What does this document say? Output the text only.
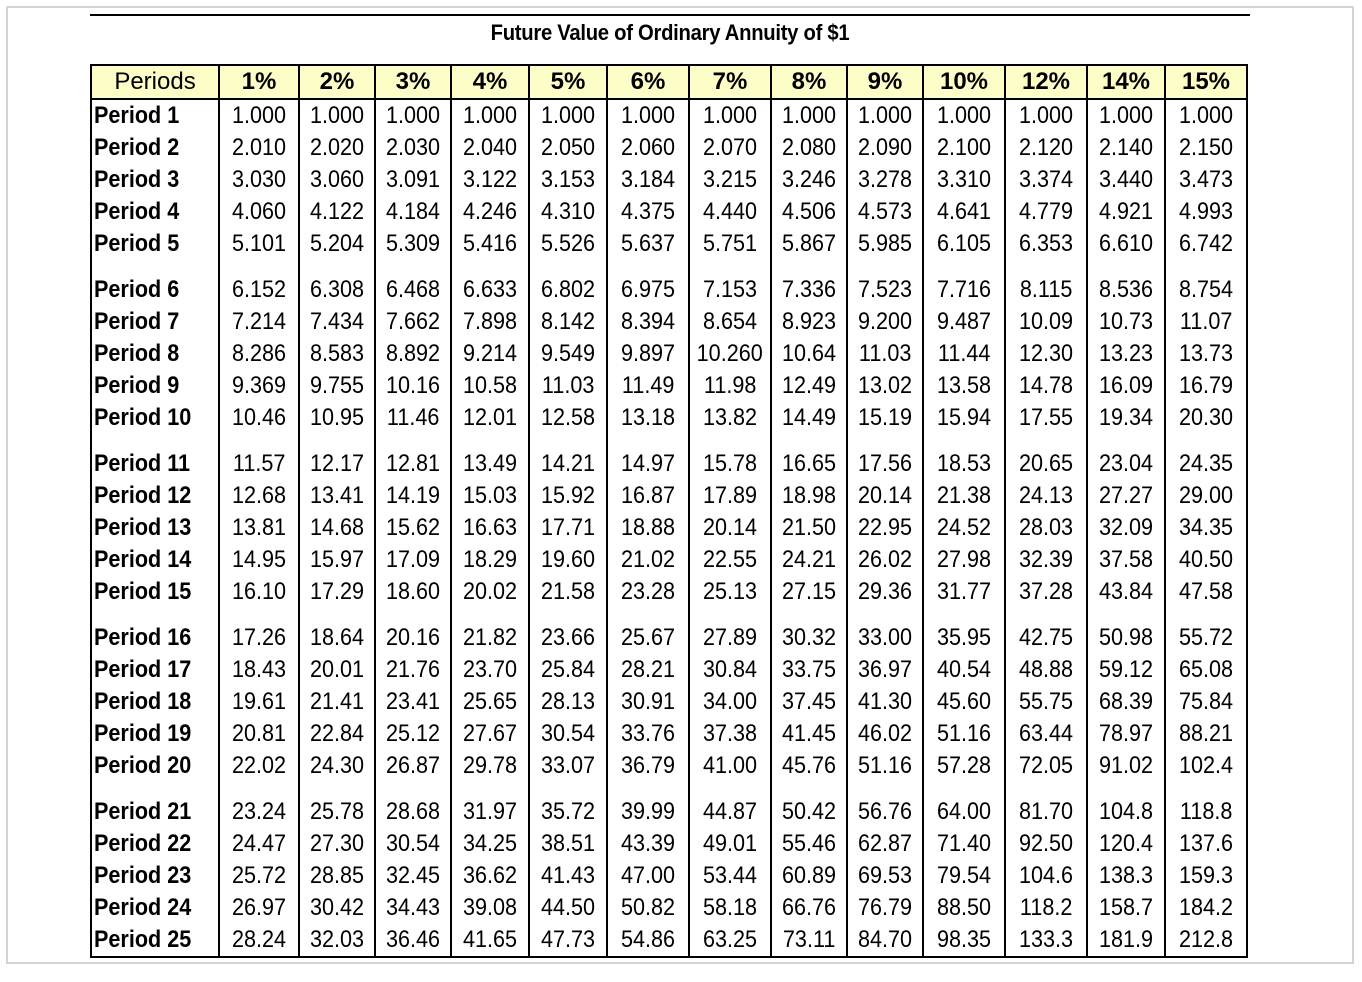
Future Value of Ordinary Annuity of $1
Periods	1%	2%	3%	4%	5%	6%	7%	8%	9%	10%	12%	14%	15%
Period 1	1.000	1.000	1.000	1.000	1.000	1.000	1.000	1.000	1.000	1.000	1.000	1.000	1.000
Period 2	2.010	2.020	2.030	2.040	2.050	2.060	2.070	2.080	2.090	2.100	2.120	2.140	2.150
Period 3	3.030	3.060	3.091	3.122	3.153	3.184	3.215	3.246	3.278	3.310	3.374	3.440	3.473
Period 4	4.060	4.122	4.184	4.246	4.310	4.375	4.440	4.506	4.573	4.641	4.779	4.921	4.993
Period 5	5.101	5.204	5.309	5.416	5.526	5.637	5.751	5.867	5.985	6.105	6.353	6.610	6.742

Period 6	6.152	6.308	6.468	6.633	6.802	6.975	7.153	7.336	7.523	7.716	8.115	8.536	8.754
Period 7	7.214	7.434	7.662	7.898	8.142	8.394	8.654	8.923	9.200	9.487	10.09	10.73	11.07
Period 8	8.286	8.583	8.892	9.214	9.549	9.897	10.260	10.64	11.03	11.44	12.30	13.23	13.73
Period 9	9.369	9.755	10.16	10.58	11.03	11.49	11.98	12.49	13.02	13.58	14.78	16.09	16.79
Period 10	10.46	10.95	11.46	12.01	12.58	13.18	13.82	14.49	15.19	15.94	17.55	19.34	20.30

Period 11	11.57	12.17	12.81	13.49	14.21	14.97	15.78	16.65	17.56	18.53	20.65	23.04	24.35
Period 12	12.68	13.41	14.19	15.03	15.92	16.87	17.89	18.98	20.14	21.38	24.13	27.27	29.00
Period 13	13.81	14.68	15.62	16.63	17.71	18.88	20.14	21.50	22.95	24.52	28.03	32.09	34.35
Period 14	14.95	15.97	17.09	18.29	19.60	21.02	22.55	24.21	26.02	27.98	32.39	37.58	40.50
Period 15	16.10	17.29	18.60	20.02	21.58	23.28	25.13	27.15	29.36	31.77	37.28	43.84	47.58

Period 16	17.26	18.64	20.16	21.82	23.66	25.67	27.89	30.32	33.00	35.95	42.75	50.98	55.72
Period 17	18.43	20.01	21.76	23.70	25.84	28.21	30.84	33.75	36.97	40.54	48.88	59.12	65.08
Period 18	19.61	21.41	23.41	25.65	28.13	30.91	34.00	37.45	41.30	45.60	55.75	68.39	75.84
Period 19	20.81	22.84	25.12	27.67	30.54	33.76	37.38	41.45	46.02	51.16	63.44	78.97	88.21
Period 20	22.02	24.30	26.87	29.78	33.07	36.79	41.00	45.76	51.16	57.28	72.05	91.02	102.4

Period 21	23.24	25.78	28.68	31.97	35.72	39.99	44.87	50.42	56.76	64.00	81.70	104.8	118.8
Period 22	24.47	27.30	30.54	34.25	38.51	43.39	49.01	55.46	62.87	71.40	92.50	120.4	137.6
Period 23	25.72	28.85	32.45	36.62	41.43	47.00	53.44	60.89	69.53	79.54	104.6	138.3	159.3
Period 24	26.97	30.42	34.43	39.08	44.50	50.82	58.18	66.76	76.79	88.50	118.2	158.7	184.2
Period 25	28.24	32.03	36.46	41.65	47.73	54.86	63.25	73.11	84.70	98.35	133.3	181.9	212.8
